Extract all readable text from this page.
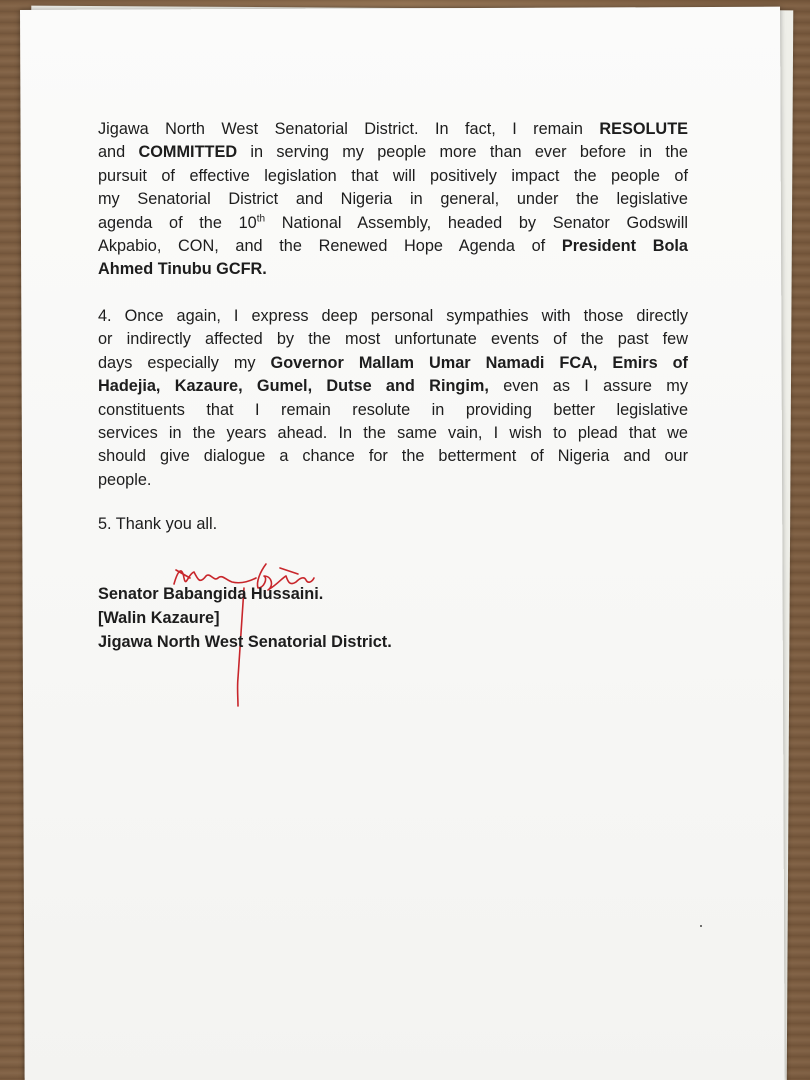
Jigawa North West Senatorial District. In fact, I remain RESOLUTE
and COMMITTED in serving my people more than ever before in the
pursuit of effective legislation that will positively impact the people of
my Senatorial District and Nigeria in general, under the legislative
agenda of the 10th National Assembly, headed by Senator Godswill
Akpabio, CON, and the Renewed Hope Agenda of President Bola
Ahmed Tinubu GCFR.
4. Once again, I express deep personal sympathies with those directly
or indirectly affected by the most unfortunate events of the past few
days especially my Governor Mallam Umar Namadi FCA, Emirs of
Hadejia, Kazaure, Gumel, Dutse and Ringim, even as I assure my
constituents that I remain resolute in providing better legislative
services in the years ahead. In the same vain, I wish to plead that we
should give dialogue a chance for the betterment of Nigeria and our
people.
5. Thank you all.
Senator Babangida Hussaini.
[Walin Kazaure]
Jigawa North West Senatorial District.
